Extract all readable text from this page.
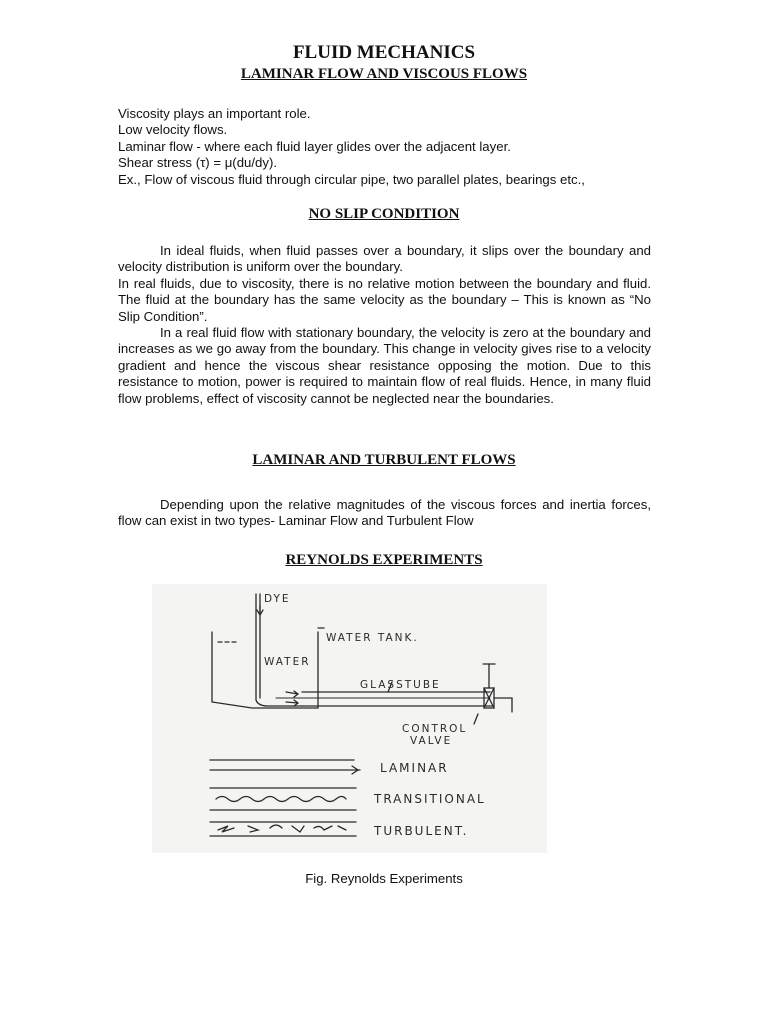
FLUID MECHANICS
LAMINAR FLOW AND VISCOUS FLOWS
Viscosity plays an important role.
Low velocity flows.
Laminar flow - where each fluid layer glides over the adjacent layer.
Shear stress (τ) = μ(du/dy).
Ex., Flow of viscous fluid through circular pipe, two parallel plates, bearings etc.,
NO SLIP CONDITION

In ideal fluids, when fluid passes over a boundary, it slips over the boundary and velocity distribution is uniform over the boundary.

In real fluids, due to viscosity, there is no relative motion between the boundary and fluid. The fluid at the boundary has the same velocity as the boundary – This is known as “No Slip Condition”.

In a real fluid flow with stationary boundary, the velocity is zero at the boundary and increases as we go away from the boundary. This change in velocity gives rise to a velocity gradient and hence the viscous shear resistance opposing the motion. Due to this resistance to motion, power is required to maintain flow of real fluids. Hence, in many fluid flow problems, effect of viscosity cannot be neglected near the boundaries.

LAMINAR AND TURBULENT FLOWS

Depending upon the relative magnitudes of the viscous forces and inertia forces, flow can exist in two types- Laminar Flow and Turbulent Flow

REYNOLDS EXPERIMENTS
DYE
WATER TANK.
WATER
GLASSTUBE
CONTROL
VALVE
LAMINAR
TRANSITIONAL
TURBULENT.
Fig. Reynolds Experiments
